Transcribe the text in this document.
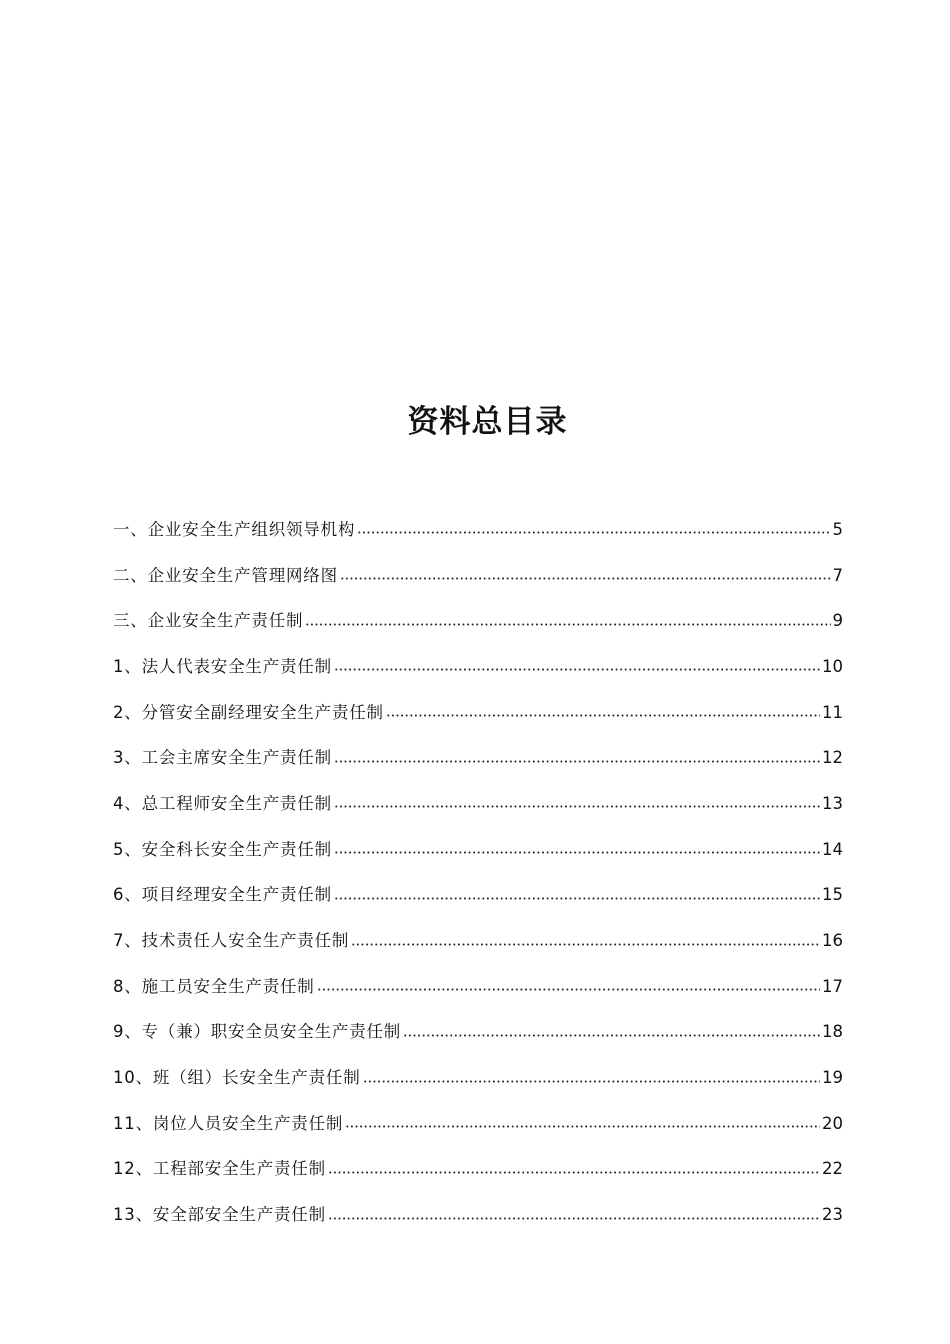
资料总目录
一、企业安全生产组织领导机构	5
二、企业安全生产管理网络图	7
三、企业安全生产责任制	9
1、法人代表安全生产责任制	10
2、分管安全副经理安全生产责任制	11
3、工会主席安全生产责任制	12
4、总工程师安全生产责任制	13
5、安全科长安全生产责任制	14
6、项目经理安全生产责任制	15
7、技术责任人安全生产责任制	16
8、施工员安全生产责任制	17
9、专（兼）职安全员安全生产责任制	18
10、班（组）长安全生产责任制	19
11、岗位人员安全生产责任制	20
12、工程部安全生产责任制	22
13、安全部安全生产责任制	23
